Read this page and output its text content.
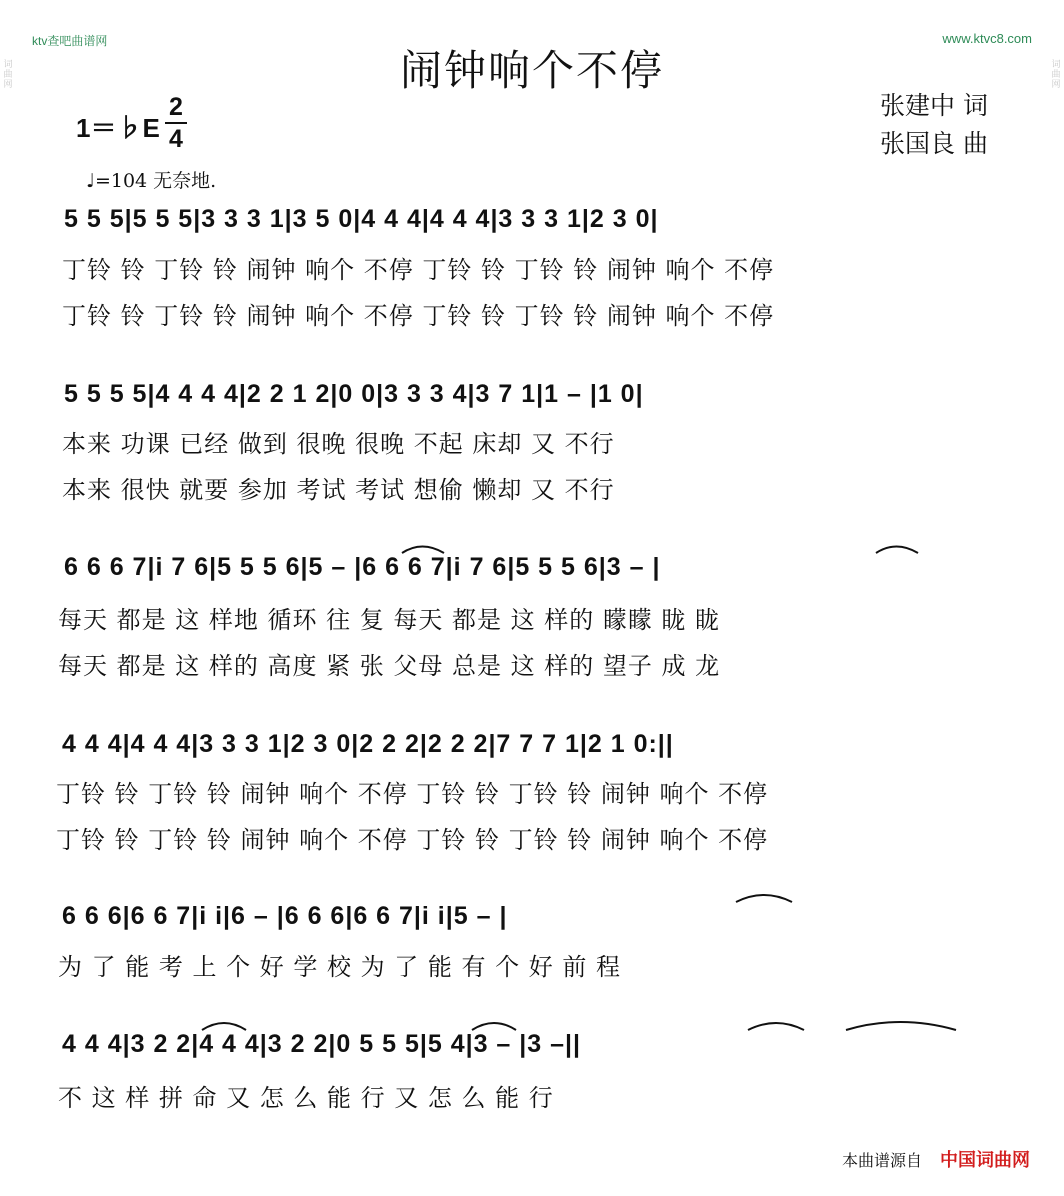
ktv查吧曲谱网	www.ktvc8.com
词曲网
词曲网
闹钟响个不停
张建中 词
张国良 曲
1＝♭E $\frac{2}{4}$
♩=104 无奈地.
5 5 5|5 5 5|3 3 3 1|3 5 0|4 4 4|4 4 4|3 3 3 1|2 3 0|
丁铃 铃 丁铃 铃 闹钟 响个 不停 丁铃 铃 丁铃 铃 闹钟 响个 不停
丁铃 铃 丁铃 铃 闹钟 响个 不停 丁铃 铃 丁铃 铃 闹钟 响个 不停
5 5 5 5|4 4 4 4|2 2 1 2|0 0|3 3 3 4|3 7 1|1 – |1 0|
本来 功课 已经 做到 很晚 很晚 不起 床却 又 不行
本来 很快 就要 参加 考试 考试 想偷 懒却 又 不行
6 6 6 7|i 7 6|5 5 5 6|5 – |6 6 6 7|i 7 6|5 5 5 6|3 – |
每天 都是 这 样地 循环 往 复 每天 都是 这 样的 矇矇 眬 眬
每天 都是 这 样的 高度 紧 张 父母 总是 这 样的 望子 成 龙
4 4 4|4 4 4|3 3 3 1|2 3 0|2 2 2|2 2 2|7 7 7 1|2 1 0:||
丁铃 铃 丁铃 铃 闹钟 响个 不停 丁铃 铃 丁铃 铃 闹钟 响个 不停
丁铃 铃 丁铃 铃 闹钟 响个 不停 丁铃 铃 丁铃 铃 闹钟 响个 不停
6 6 6|6 6 7|i i|6 – |6 6 6|6 6 7|i i|5 – |
为 了 能 考 上 个 好 学 校 为 了 能 有 个 好 前 程
4 4 4|3 2 2|4 4 4|3 2 2|0 5 5 5|5 4|3 – |3 –||
不 这 样 拼 命 又 怎 么 能 行 又 怎 么 能 行
本曲谱源自 中国词曲网
